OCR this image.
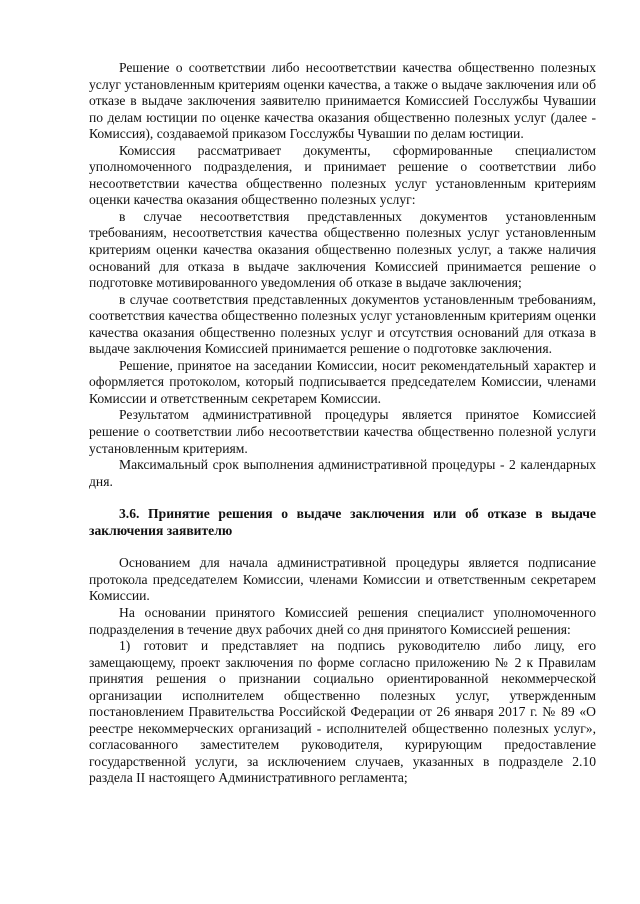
Решение о соответствии либо несоответствии качества общественно полезных услуг установленным критериям оценки качества, а также о выдаче заключения или об отказе в выдаче заключения заявителю принимается Комиссией Госслужбы Чувашии по делам юстиции по оценке качества оказания общественно полезных услуг (далее - Комиссия), создаваемой приказом Госслужбы Чувашии по делам юстиции.

Комиссия рассматривает документы, сформированные специалистом уполномоченного подразделения, и принимает решение о соответствии либо несоответствии качества общественно полезных услуг установленным критериям оценки качества оказания общественно полезных услуг:

в случае несоответствия представленных документов установленным требованиям, несоответствия качества общественно полезных услуг установленным критериям оценки качества оказания общественно полезных услуг, а также наличия оснований для отказа в выдаче заключения Комиссией принимается решение о подготовке мотивированного уведомления об отказе в выдаче заключения;

в случае соответствия представленных документов установленным требованиям, соответствия качества общественно полезных услуг установленным критериям оценки качества оказания общественно полезных услуг и отсутствия оснований для отказа в выдаче заключения Комиссией принимается решение о подготовке заключения.

Решение, принятое на заседании Комиссии, носит рекомендательный характер и оформляется протоколом, который подписывается председателем Комиссии, членами Комиссии и ответственным секретарем Комиссии.

Результатом административной процедуры является принятое Комиссией решение о соответствии либо несоответствии качества общественно полезной услуги установленным критериям.

Максимальный срок выполнения административной процедуры - 2 календарных дня.

3.6. Принятие решения о выдаче заключения или об отказе в выдаче заключения заявителю

Основанием для начала административной процедуры является подписание протокола председателем Комиссии, членами Комиссии и ответственным секретарем Комиссии.

На основании принятого Комиссией решения специалист уполномоченного подразделения в течение двух рабочих дней со дня принятого Комиссией решения:

1) готовит и представляет на подпись руководителю либо лицу, его замещающему, проект заключения по форме согласно приложению № 2 к Правилам принятия решения о признании социально ориентированной некоммерческой организации исполнителем общественно полезных услуг, утвержденным постановлением Правительства Российской Федерации от 26 января 2017 г. № 89 «О реестре некоммерческих организаций - исполнителей общественно полезных услуг», согласованного заместителем руководителя, курирующим предоставление государственной услуги, за исключением случаев, указанных в подразделе 2.10 раздела II настоящего Административного регламента;
